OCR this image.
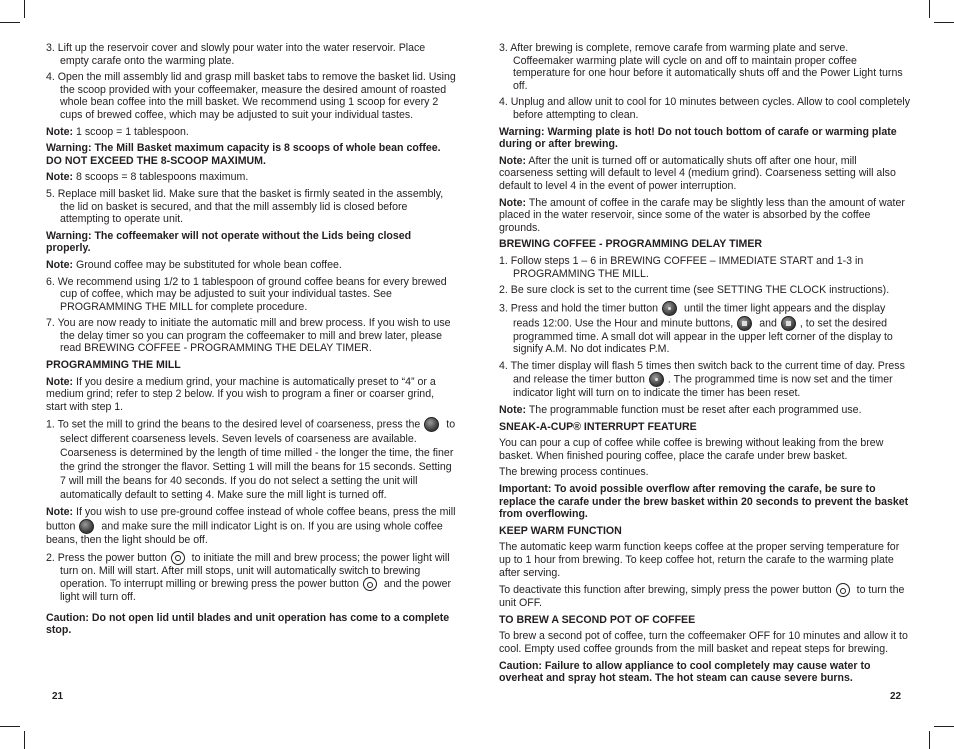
3. Lift up the reservoir cover and slowly pour water into the water reservoir. Place empty carafe onto the warming plate.
4. Open the mill assembly lid and grasp mill basket tabs to remove the basket lid. Using the scoop provided with your coffeemaker, measure the desired amount of roasted whole bean coffee into the mill basket. We recommend using 1 scoop for every 2 cups of brewed coffee, which may be adjusted to suit your individual tastes.
Note: 1 scoop = 1 tablespoon.
Warning: The Mill Basket maximum capacity is 8 scoops of whole bean coffee. DO NOT EXCEED THE 8-SCOOP MAXIMUM.
Note: 8 scoops = 8 tablespoons maximum.
5. Replace mill basket lid. Make sure that the basket is firmly seated in the assembly, the lid on basket is secured, and that the mill assembly lid is closed before attempting to operate unit.
Warning: The coffeemaker will not operate without the Lids being closed properly.
Note: Ground coffee may be substituted for whole bean coffee.
6. We recommend using 1/2 to 1 tablespoon of ground coffee beans for every brewed cup of coffee, which may be adjusted to suit your individual tastes. See PROGRAMMING THE MILL for complete procedure.
7. You are now ready to initiate the automatic mill and brew process. If you wish to use the delay timer so you can program the coffeemaker to mill and brew later, please read BREWING COFFEE - PROGRAMMING THE DELAY TIMER.
PROGRAMMING THE MILL
Note: If you desire a medium grind, your machine is automatically preset to “4” or a medium grind; refer to step 2 below. If you wish to program a finer or coarser grind, start with step 1.
1. To set the mill to grind the beans to the desired level of coarseness, press the to select different coarseness levels. Seven levels of coarseness are available. Coarseness is determined by the length of time milled - the longer the time, the finer the grind the stronger the flavor. Setting 1 will mill the beans for 15 seconds. Setting 7 will mill the beans for 40 seconds. If you do not select a setting the unit will automatically default to setting 4. Make sure the mill light is turned off.
Note: If you wish to use pre-ground coffee instead of whole coffee beans, press the mill button and make sure the mill indicator Light is on. If you are using whole coffee beans, then the light should be off.
2. Press the power button to initiate the mill and brew process; the power light will turn on. Mill will start. After mill stops, unit will automatically switch to brewing operation. To interrupt milling or brewing press the power button and the power light will turn off.
Caution: Do not open lid until blades and unit operation has come to a complete stop.
3. After brewing is complete, remove carafe from warming plate and serve. Coffeemaker warming plate will cycle on and off to maintain proper coffee temperature for one hour before it automatically shuts off and the Power Light turns off.
4. Unplug and allow unit to cool for 10 minutes between cycles. Allow to cool completely before attempting to clean.
Warning: Warming plate is hot! Do not touch bottom of carafe or warming plate during or after brewing.
Note: After the unit is turned off or automatically shuts off after one hour, mill coarseness setting will default to level 4 (medium grind). Coarseness setting will also default to level 4 in the event of power interruption.
Note: The amount of coffee in the carafe may be slightly less than the amount of water placed in the water reservoir, since some of the water is absorbed by the coffee grounds.
BREWING COFFEE - PROGRAMMING DELAY TIMER
1. Follow steps 1 – 6 in BREWING COFFEE – IMMEDIATE START and 1-3 in PROGRAMMING THE MILL.
2. Be sure clock is set to the current time (see SETTING THE CLOCK instructions).
3. Press and hold the timer button until the timer light appears and the display reads 12:00. Use the Hour and minute buttons, and , to set the desired programmed time. A small dot will appear in the upper left corner of the display to signify A.M. No dot indicates P.M.
4. The timer display will flash 5 times then switch back to the current time of day. Press and release the timer button . The programmed time is now set and the timer indicator light will turn on to indicate the timer has been reset.
Note: The programmable function must be reset after each programmed use.
SNEAK-A-CUP® INTERRUPT FEATURE
You can pour a cup of coffee while coffee is brewing without leaking from the brew basket. When finished pouring coffee, place the carafe under brew basket.
The brewing process continues.
Important: To avoid possible overflow after removing the carafe, be sure to replace the carafe under the brew basket within 20 seconds to prevent the basket from overflowing.
KEEP WARM FUNCTION
The automatic keep warm function keeps coffee at the proper serving temperature for up to 1 hour from brewing. To keep coffee hot, return the carafe to the warming plate after serving.
To deactivate this function after brewing, simply press the power button to turn the unit OFF.
TO BREW A SECOND POT OF COFFEE
To brew a second pot of coffee, turn the coffeemaker OFF for 10 minutes and allow it to cool. Empty used coffee grounds from the mill basket and repeat steps for brewing.
Caution: Failure to allow appliance to cool completely may cause water to overheat and spray hot steam. The hot steam can cause severe burns.
21	22
